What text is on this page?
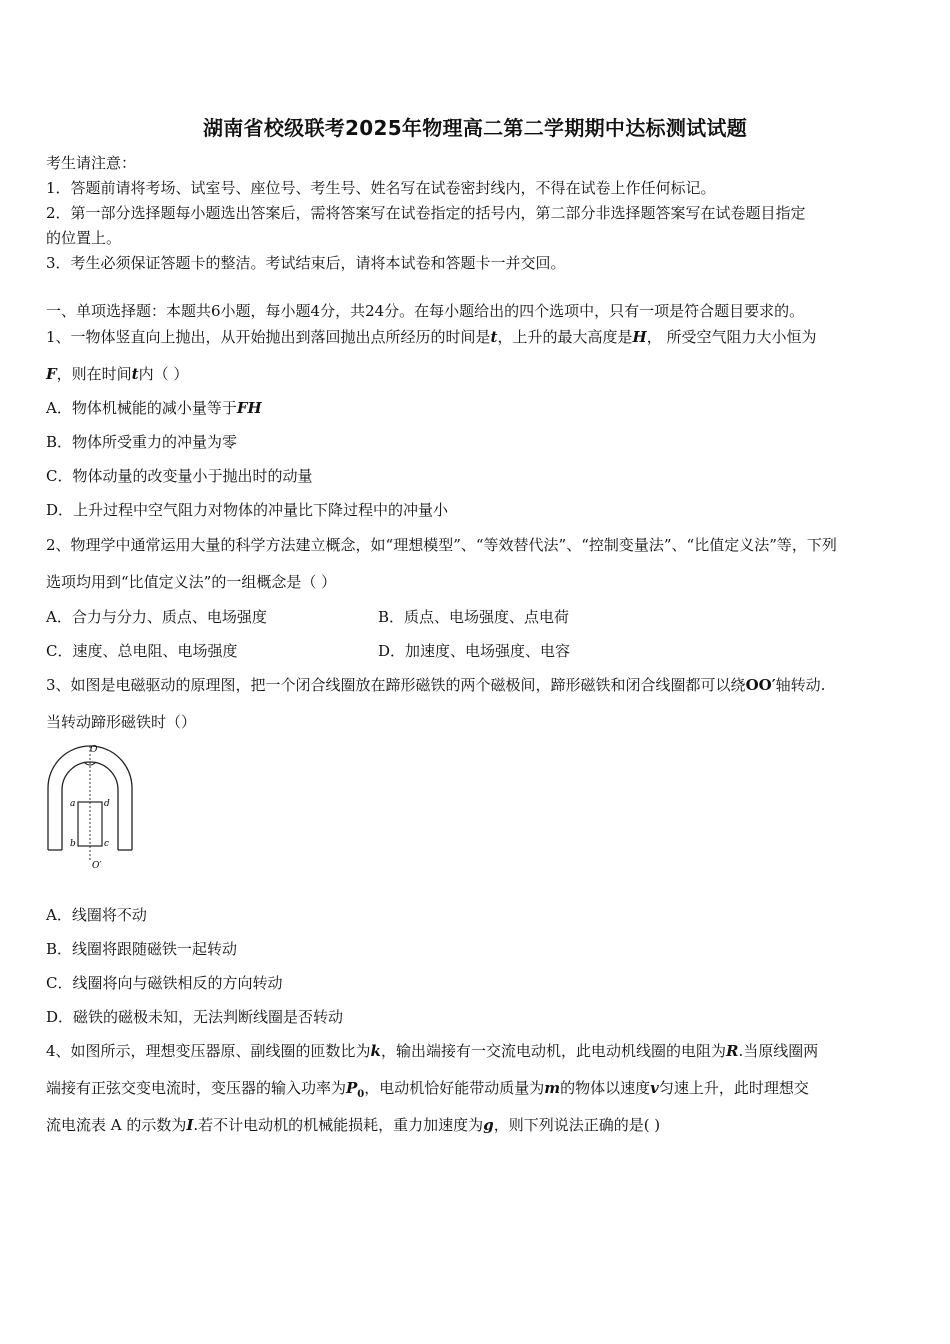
湖南省校级联考2025年物理高二第二学期期中达标测试试题
考生请注意：
1．答题前请将考场、试室号、座位号、考生号、姓名写在试卷密封线内，不得在试卷上作任何标记。
2．第一部分选择题每小题选出答案后，需将答案写在试卷指定的括号内，第二部分非选择题答案写在试卷题目指定
的位置上。
3．考生必须保证答题卡的整洁。考试结束后，请将本试卷和答题卡一并交回。
一、单项选择题：本题共6小题，每小题4分，共24分。在每小题给出的四个选项中，只有一项是符合题目要求的。
1、一物体竖直向上抛出，从开始抛出到落回抛出点所经历的时间是t，上升的最大高度是H， 所受空气阻力大小恒为
F，则在时间t内（ ）
A．物体机械能的减小量等于FH
B．物体所受重力的冲量为零
C．物体动量的改变量小于抛出时的动量
D．上升过程中空气阻力对物体的冲量比下降过程中的冲量小
2、物理学中通常运用大量的科学方法建立概念，如“理想模型”、“等效替代法”、“控制变量法”、“比值定义法”等，下列
选项均用到“比值定义法”的一组概念是（ ）
A．合力与分力、质点、电场强度	B．质点、电场强度、点电荷
C．速度、总电阻、电场强度	D．加速度、电场强度、电容
3、如图是电磁驱动的原理图，把一个闭合线圈放在蹄形磁铁的两个磁极间，蹄形磁铁和闭合线圈都可以绕OO′轴转动.
当转动蹄形磁铁时（）
O
O′
a
b	c
d
A．线圈将不动
B．线圈将跟随磁铁一起转动
C．线圈将向与磁铁相反的方向转动
D．磁铁的磁极未知，无法判断线圈是否转动
4、如图所示，理想变压器原、副线圈的匝数比为k，输出端接有一交流电动机，此电动机线圈的电阻为R.当原线圈两
端接有正弦交变电流时，变压器的输入功率为$P_0$，电动机恰好能带动质量为m的物体以速度v匀速上升，此时理想交
流电流表 A 的示数为I.若不计电动机的机械能损耗，重力加速度为g，则下列说法正确的是( )
